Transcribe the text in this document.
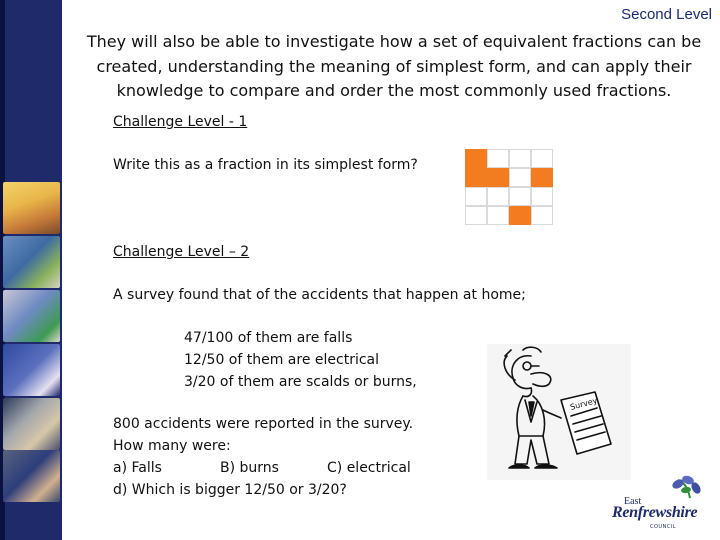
Second Level
They will also be able to investigate how a set of equivalent fractions can be created, understanding the meaning of simplest form, and can apply their knowledge to compare and order the most commonly used fractions.
Challenge Level - 1
Write this as a fraction in its simplest form?
Challenge Level – 2
A survey found that of the accidents that happen at home;
47/100 of them are falls
12/50 of them are electrical
3/20 of them are scalds or burns,
800 accidents were reported in the survey.
How many were:
a) Falls	B) burns	C) electrical
d) Which is bigger 12/50 or 3/20?
Survey
East
Renfrewshire
COUNCIL
